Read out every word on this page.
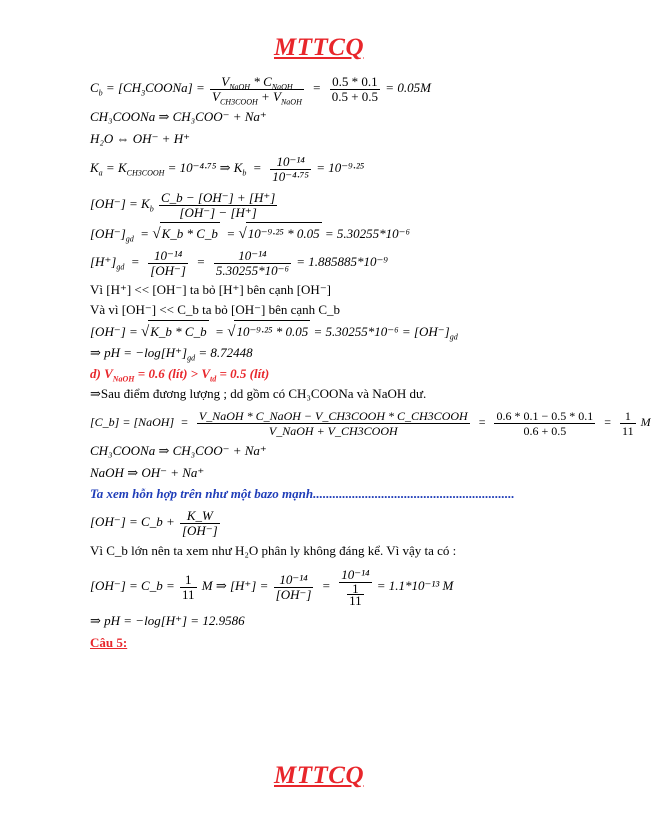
MTTCQ
$C_b$ = $[CH_3COONa] = \frac{V_{NaOH} * C_{NaOH}}{V_{CH3COOH} + V_{NaOH}} = \frac{0.5 * 0.1}{0.5 + 0.5} = 0.05M$
CH₃COONa ⇒ CH₃COO⁻ + Na⁺
H₂O ⇔ OH⁻ + H⁺
$K_a = K_{CH3COOH} = 10^{-4}\cdot^{75}$ ⇒ $K_b = \frac{\text{10⁻¹⁴}}{\text{10⁻⁴·⁷⁵}} = 10^{-9}\cdot^{25}$
$[OH^-] = K_b \frac{C\_b - [OH^-] + [H^+]}{[OH^-] - [H^+]}$
$[OH^-]_{gd}$ = √K_b * C_b = √10⁻⁹·²⁵ * 0.05 = 5.30255*10⁻⁶
$[H^+]_{gd} = \frac{\text{10⁻¹⁴}}{[OH^-]} = \frac{\text{10⁻¹⁴}}{\text{5.30255*10⁻⁶}} = 1.885885*10^{-9}$
Vì [H⁺] << [OH⁻] ta bỏ [H⁺] bên cạnh [OH⁻]
Và vì [OH⁻] << C_b ta bỏ [OH⁻] bên cạnh C_b
[OH⁻] = √K_b * C_b = $√10^{-9}\cdot^{25} * 0.05 = 5.30255*10^{-6} = [OH^-]_{gd}$
⇒ pH = $-\log[H^+]_{gd} = 8.72448$
d) $V_{NaOH} = 0.6$ (lít) > $V_{td} = 0.5$ (lít)
⇒Sau điểm đương lượng ; dd gồm có CH₃COONa và NaOH dư.
[C_b] = [NaOH] = $\frac{\text{V\_NaOH * C\_NaOH − V\_CH3COOH * C\_CH3COOH}}{\text{V\_NaOH + V\_CH3COOH}} = \frac{0.6 * 0.1 - 0.5 * 0.1}{0.6 + 0.5} = \frac{1}{11}$ M
CH₃COONa ⇒ CH₃COO⁻ + Na⁺
NaOH ⇒ OH⁻ + Na⁺
Ta xem hỗn hợp trên như một bazo mạnh..............................................................
[OH⁻] = C_b + $\frac{K\_W}{[OH^-]}$
Vì C_b lớn nên ta xem như H₂O phân ly không đáng kể. Vì vậy ta có :
[OH⁻] = C_b = $\frac{1}{11}$ M ⇒ $[H^+] = \frac{\text{10⁻¹⁴}}{[OH^-]} = \frac{\text{10⁻¹⁴}}{\frac{1}{11}} = 1.1*10^{-13}$ M
⇒ pH = −log[H⁺] = 12.9586
Câu 5:
MTTCQ
